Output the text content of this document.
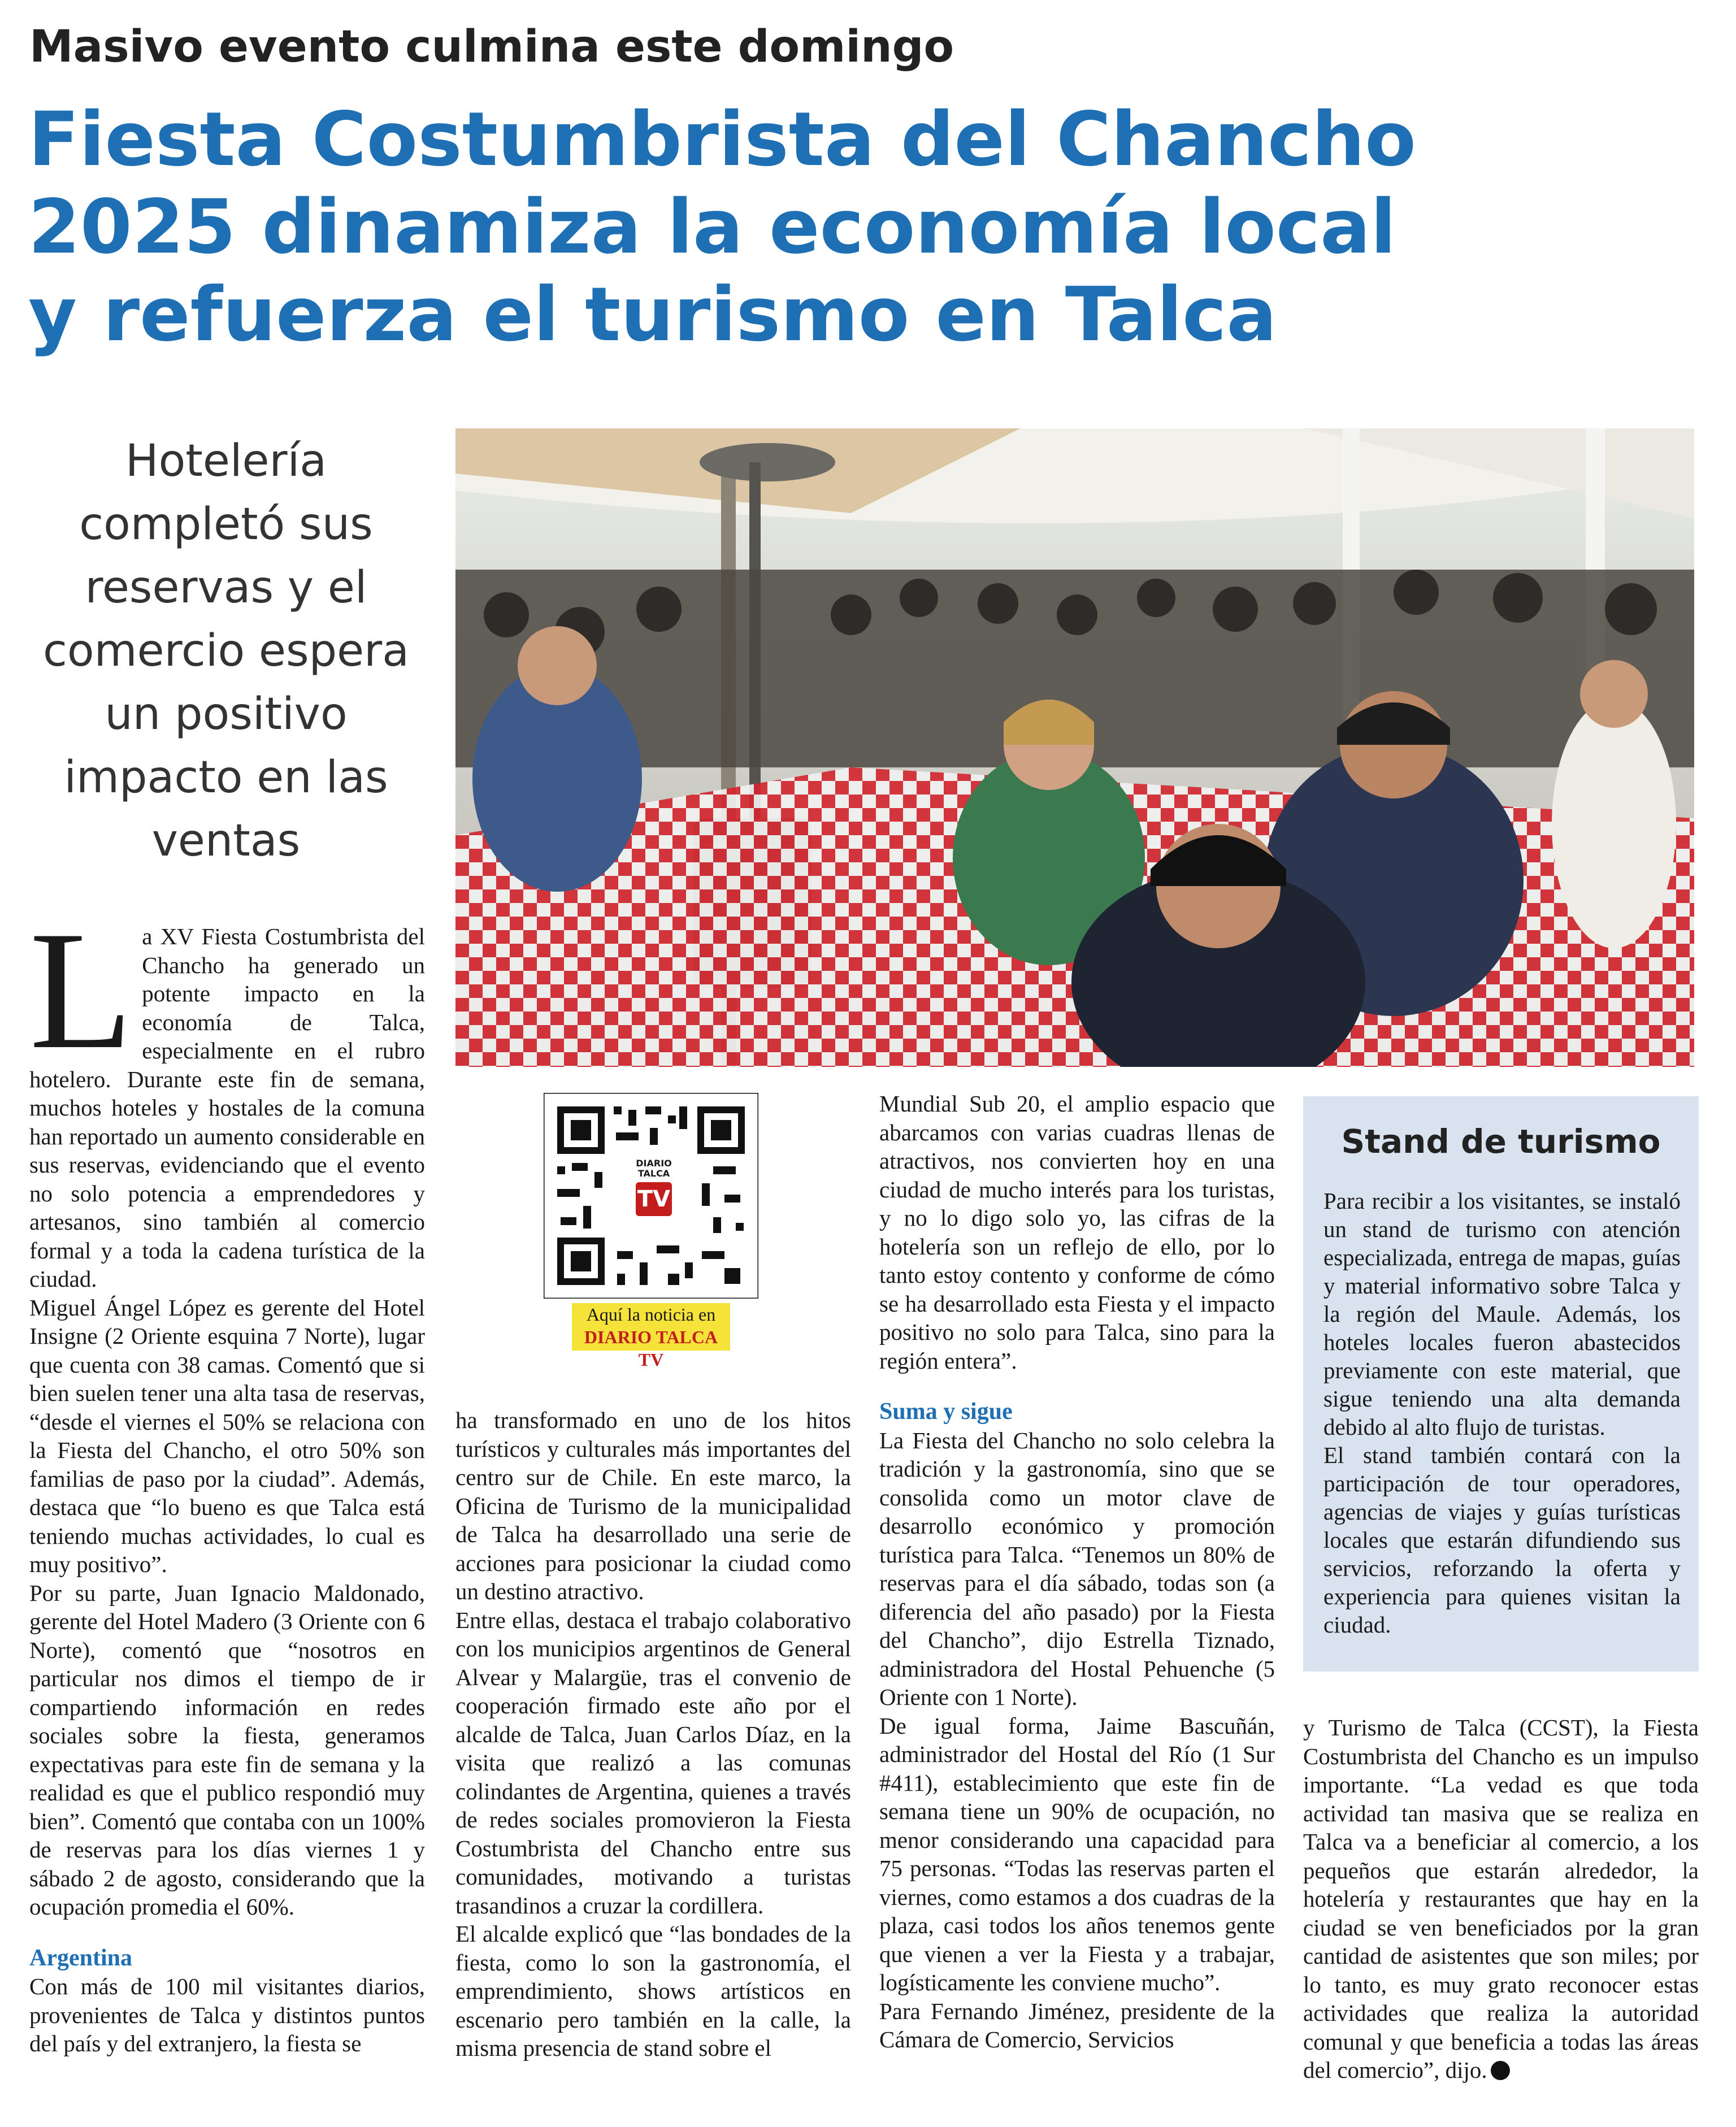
Masivo evento culmina este domingo
Fiesta Costumbrista del Chancho
2025 dinamiza la economía local
y refuerza el turismo en Talca
Hotelería
completó sus
reservas y el
comercio espera
un positivo
impacto en las
ventas

La XV Fiesta Costumbrista del Chancho ha generado un potente impacto en la economía de Talca, especialmente en el rubro hotelero. Durante este fin de semana, muchos hoteles y hostales de la comuna han reportado un aumento considerable en sus reservas, evidenciando que el evento no solo potencia a emprendedores y artesanos, sino también al comercio formal y a toda la cadena turística de la ciudad.

Miguel Ángel López es gerente del Hotel Insigne (2 Oriente esquina 7 Norte), lugar que cuenta con 38 camas. Comentó que si bien suelen tener una alta tasa de reservas, “desde el viernes el 50% se relaciona con la Fiesta del Chancho, el otro 50% son familias de paso por la ciudad”. Además, destaca que “lo bueno es que Talca está teniendo muchas actividades, lo cual es muy positivo”.

Por su parte, Juan Ignacio Maldonado, gerente del Hotel Madero (3 Oriente con 6 Norte), comentó que “nosotros en particular nos dimos el tiempo de ir compartiendo información en redes sociales sobre la fiesta, generamos expectativas para este fin de semana y la realidad es que el publico respondió muy bien”. Comentó que contaba con un 100% de reservas para los días viernes 1 y sábado 2 de agosto, considerando que la ocupación promedia el 60%.

Argentina

Con más de 100 mil visitantes diarios, provenientes de Talca y distintos puntos del país y del extranjero, la fiesta se

DIARIO
TALCA
TV
Aquí la noticia en
DIARIO TALCA TV

ha transformado en uno de los hitos turísticos y culturales más importantes del centro sur de Chile. En este marco, la Oficina de Turismo de la municipalidad de Talca ha desarrollado una serie de acciones para posicionar la ciudad como un destino atractivo.

Entre ellas, destaca el trabajo colaborativo con los municipios argentinos de General Alvear y Malargüe, tras el convenio de cooperación firmado este año por el alcalde de Talca, Juan Carlos Díaz, en la visita que realizó a las comunas colindantes de Argentina, quienes a través de redes sociales promovieron la Fiesta Costumbrista del Chancho entre sus comunidades, motivando a turistas trasandinos a cruzar la cordillera.

El alcalde explicó que “las bondades de la fiesta, como lo son la gastronomía, el emprendimiento, shows artísticos en escenario pero también en la calle, la misma presencia de stand sobre el

Mundial Sub 20, el amplio espacio que abarcamos con varias cuadras llenas de atractivos, nos convierten hoy en una ciudad de mucho interés para los turistas, y no lo digo solo yo, las cifras de la hotelería son un reflejo de ello, por lo tanto estoy contento y conforme de cómo se ha desarrollado esta Fiesta y el impacto positivo no solo para Talca, sino para la región entera”.

Suma y sigue

La Fiesta del Chancho no solo celebra la tradición y la gastronomía, sino que se consolida como un motor clave de desarrollo económico y promoción turística para Talca. “Tenemos un 80% de reservas para el día sábado, todas son (a diferencia del año pasado) por la Fiesta del Chancho”, dijo Estrella Tiznado, administradora del Hostal Pehuenche (5 Oriente con 1 Norte).

De igual forma, Jaime Bascuñán, administrador del Hostal del Río (1 Sur #411), establecimiento que este fin de semana tiene un 90% de ocupación, no menor considerando una capacidad para 75 personas. “Todas las reservas parten el viernes, como estamos a dos cuadras de la plaza, casi todos los años tenemos gente que vienen a ver la Fiesta y a trabajar, logísticamente les conviene mucho”.

Para Fernando Jiménez, presidente de la Cámara de Comercio, Servicios

Stand de turismo

Para recibir a los visitantes, se instaló un stand de turismo con atención especializada, entrega de mapas, guías y material informativo sobre Talca y la región del Maule. Además, los hoteles locales fueron abastecidos previamente con este material, que sigue teniendo una alta demanda debido al alto flujo de turistas.

El stand también contará con la participación de tour operadores, agencias de viajes y guías turísticas locales que estarán difundiendo sus servicios, reforzando la oferta y experiencia para quienes visitan la ciudad.

y Turismo de Talca (CCST), la Fiesta Costumbrista del Chancho es un impulso importante. “La vedad es que toda actividad tan masiva que se realiza en Talca va a beneficiar al comercio, a los pequeños que estarán alrededor, la hotelería y restaurantes que hay en la ciudad se ven beneficiados por la gran cantidad de asistentes que son miles; por lo tanto, es muy grato reconocer estas actividades que realiza la autoridad comunal y que beneficia a todas las áreas del comercio”, dijo.
